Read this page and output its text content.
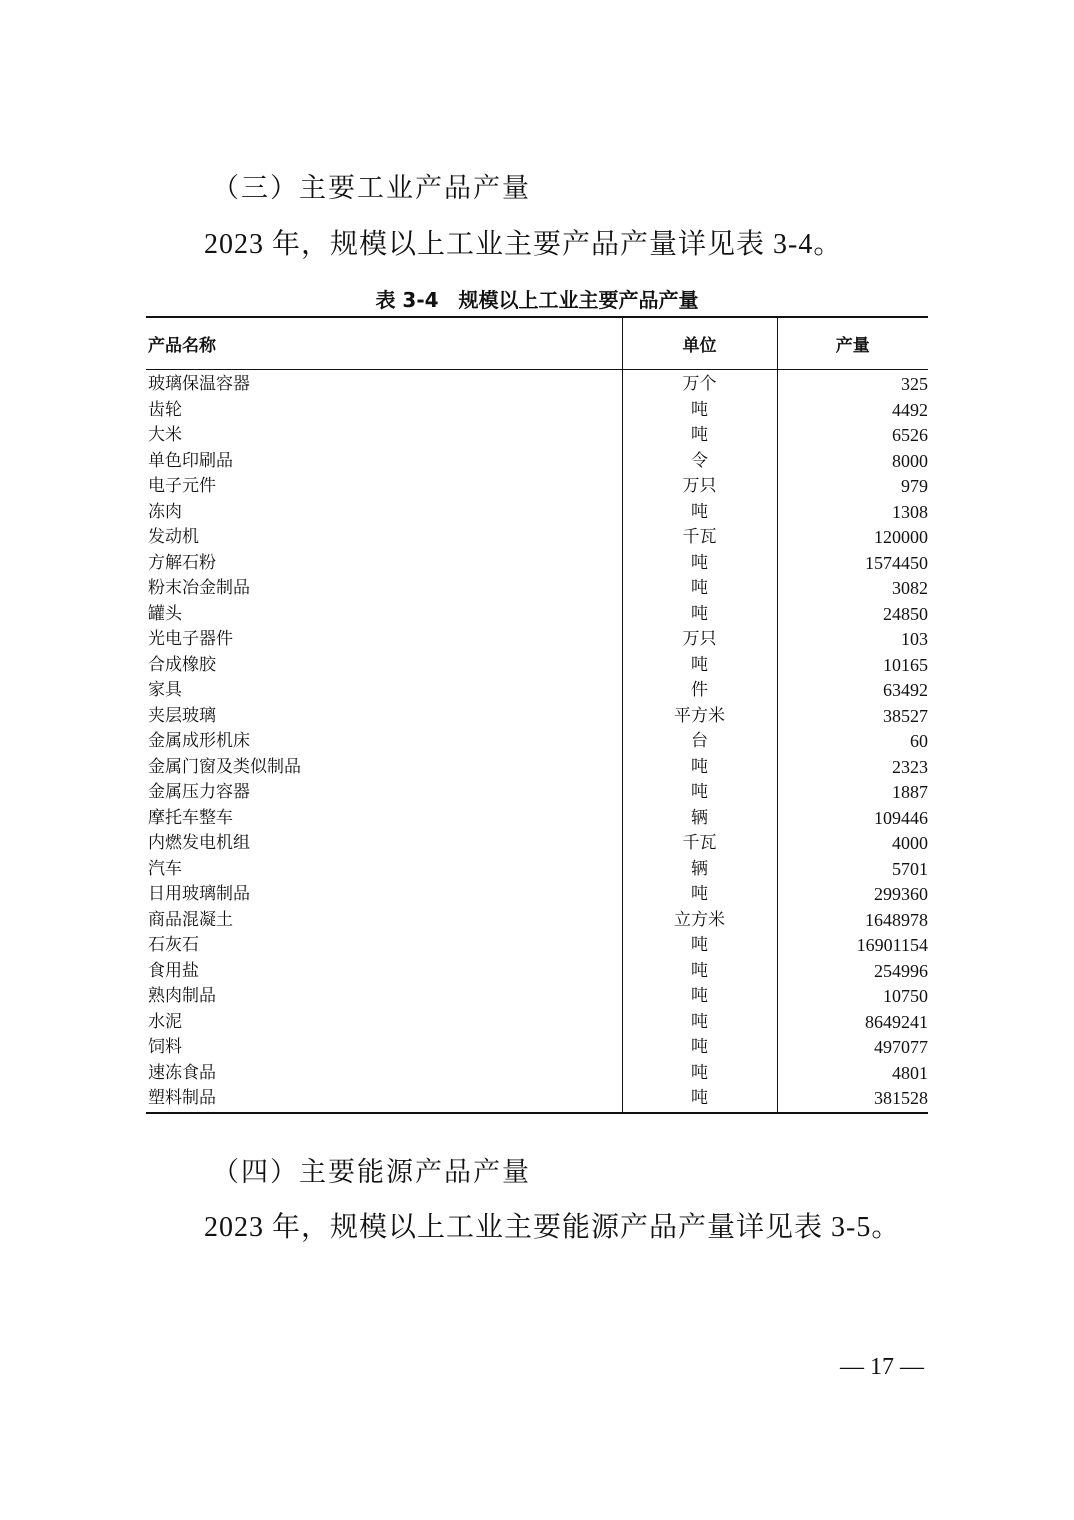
（三）主要工业产品产量
2023 年，规模以上工业主要产品产量详见表 3-4。
表 3-4　规模以上工业主要产品产量
产品名称	单位	产量
玻璃保温容器	万个	325
齿轮	吨	4492
大米	吨	6526
单色印刷品	令	8000
电子元件	万只	979
冻肉	吨	1308
发动机	千瓦	120000
方解石粉	吨	1574450
粉末冶金制品	吨	3082
罐头	吨	24850
光电子器件	万只	103
合成橡胶	吨	10165
家具	件	63492
夹层玻璃	平方米	38527
金属成形机床	台	60
金属门窗及类似制品	吨	2323
金属压力容器	吨	1887
摩托车整车	辆	109446
内燃发电机组	千瓦	4000
汽车	辆	5701
日用玻璃制品	吨	299360
商品混凝土	立方米	1648978
石灰石	吨	16901154
食用盐	吨	254996
熟肉制品	吨	10750
水泥	吨	8649241
饲料	吨	497077
速冻食品	吨	4801
塑料制品	吨	381528
（四）主要能源产品产量
2023 年，规模以上工业主要能源产品产量详见表 3-5。
— 17 —
